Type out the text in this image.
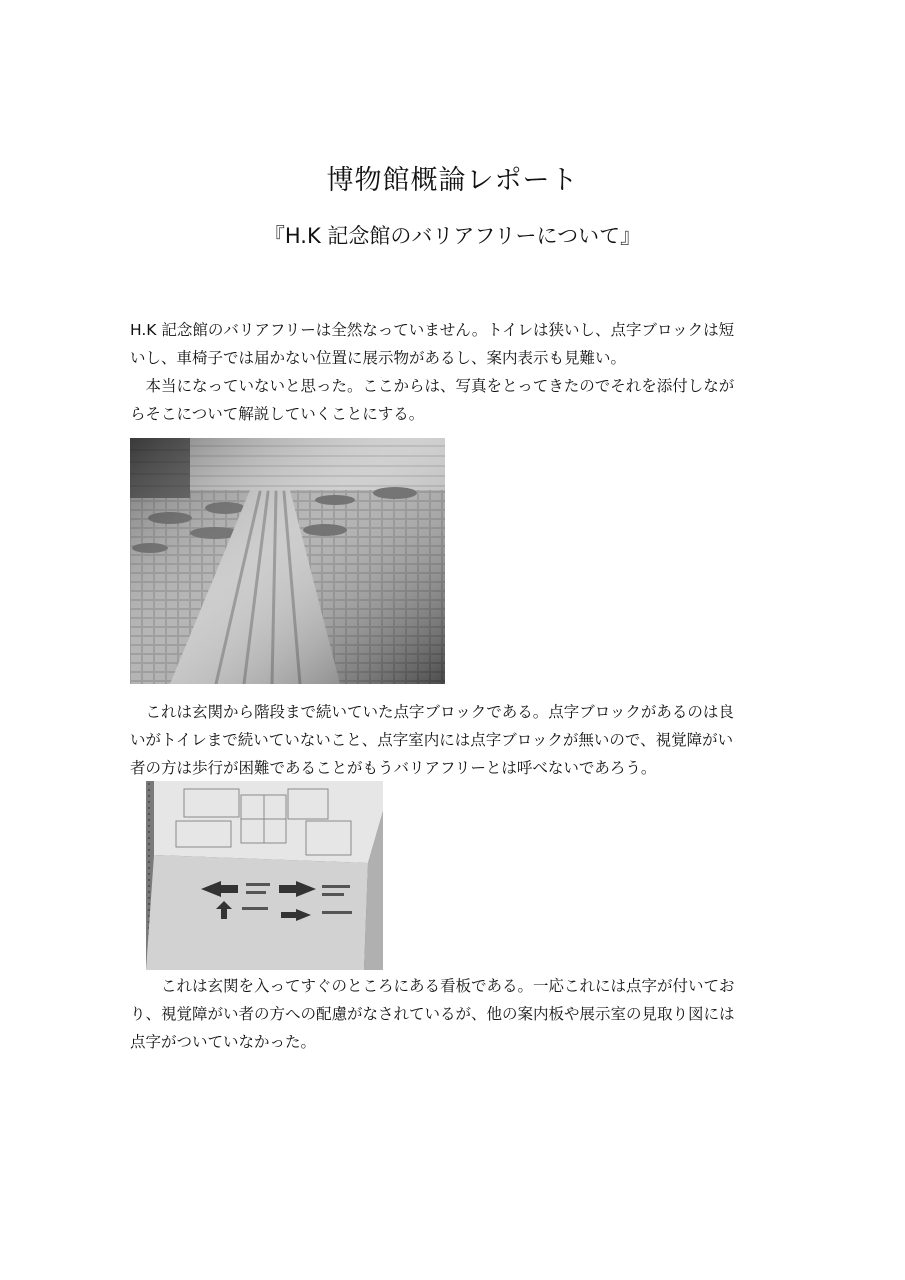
博物館概論レポート
『H.K 記念館のバリアフリーについて』
H.K 記念館のバリアフリーは全然なっていません。トイレは狭いし、点字ブロックは短
いし、車椅子では届かない位置に展示物があるし、案内表示も見難い。
　本当になっていないと思った。ここからは、写真をとってきたのでそれを添付しなが
らそこについて解説していくことにする。
　これは玄関から階段まで続いていた点字ブロックである。点字ブロックがあるのは良
いがトイレまで続いていないこと、点字室内には点字ブロックが無いので、視覚障がい
者の方は歩行が困難であることがもうバリアフリーとは呼べないであろう。
　　これは玄関を入ってすぐのところにある看板である。一応これには点字が付いてお
り、視覚障がい者の方への配慮がなされているが、他の案内板や展示室の見取り図には
点字がついていなかった。
